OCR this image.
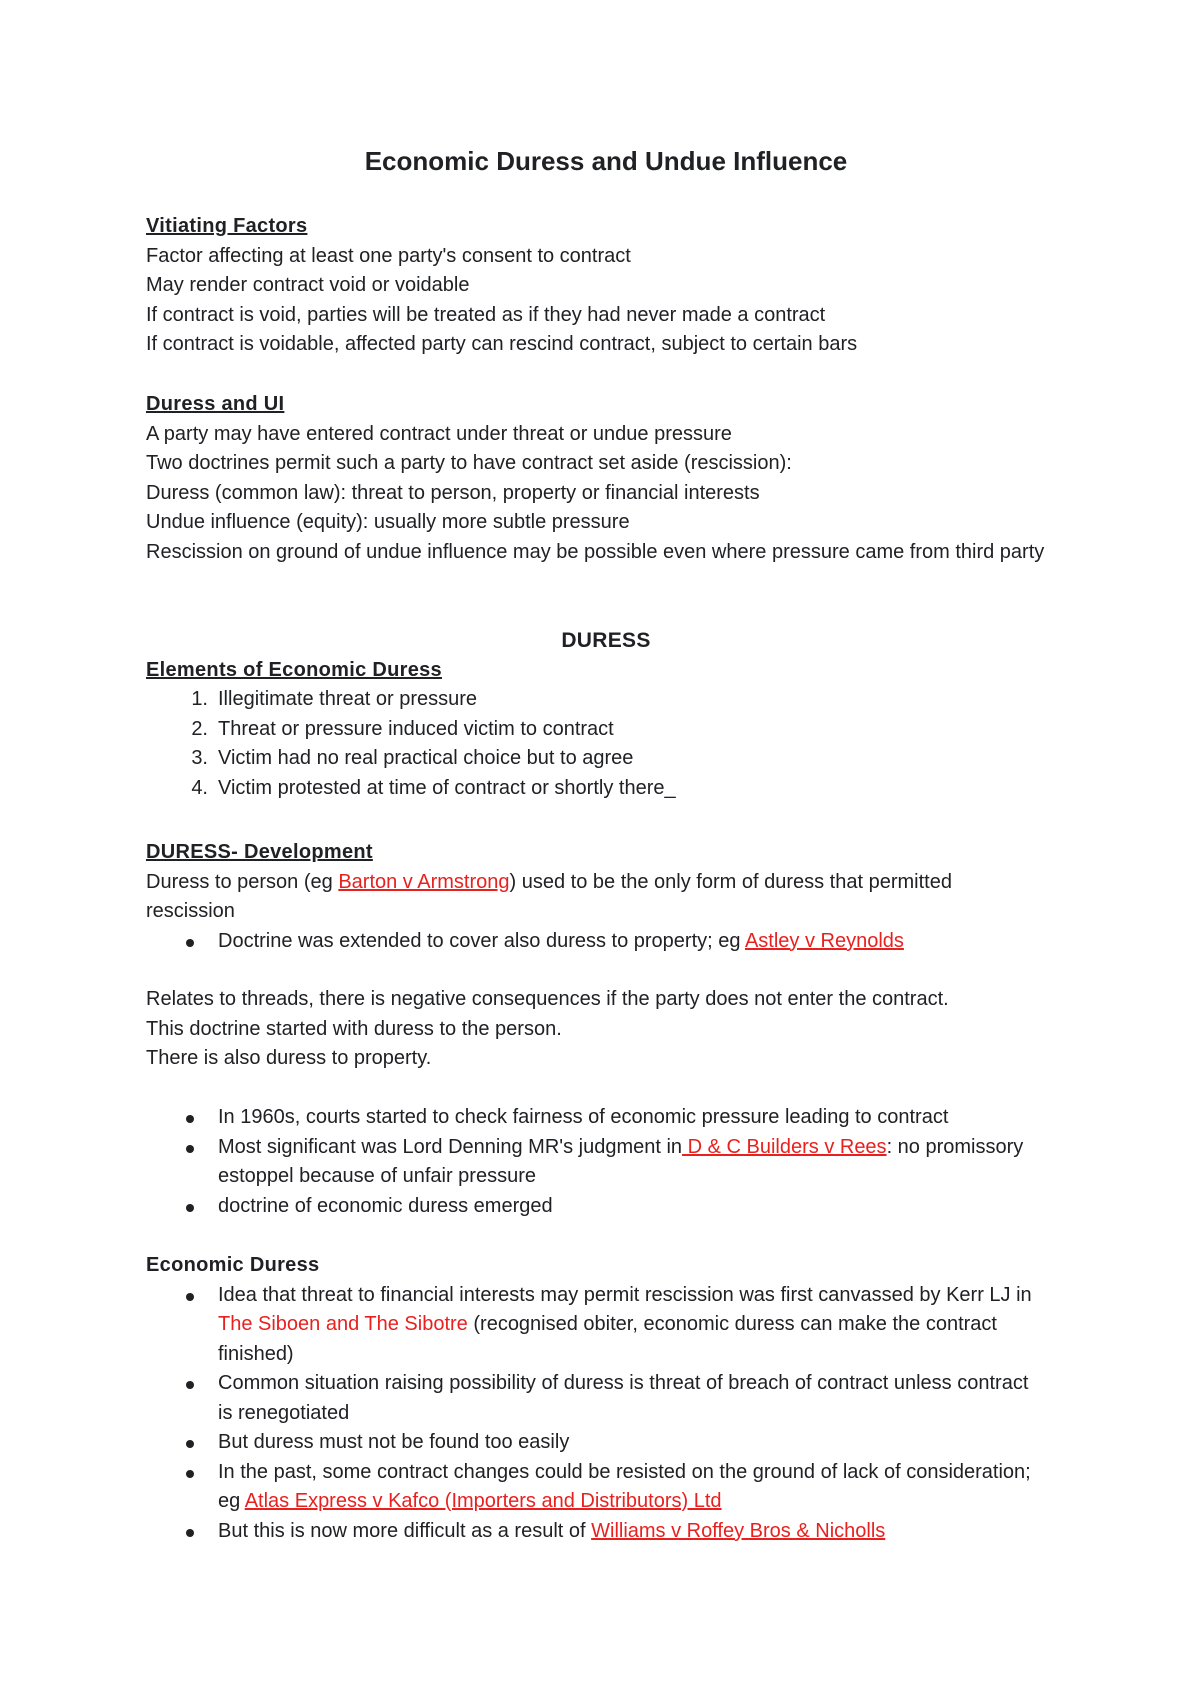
Economic Duress and Undue Influence
Vitiating Factors
Factor affecting at least one party's consent to contract
May render contract void or voidable
If contract is void, parties will be treated as if they had never made a contract
If contract is voidable, affected party can rescind contract, subject to certain bars
Duress and UI
A party may have entered contract under threat or undue pressure
Two doctrines permit such a party to have contract set aside (rescission):
Duress (common law): threat to person, property or financial interests
Undue influence (equity): usually more subtle pressure
Rescission on ground of undue influence may be possible even where pressure came from third party
DURESS
Elements of Economic Duress
1. Illegitimate threat or pressure
2. Threat or pressure induced victim to contract
3. Victim had no real practical choice but to agree
4. Victim protested at time of contract or shortly there_
DURESS- Development
Duress to person (eg Barton v Armstrong) used to be the only form of duress that permitted rescission
Doctrine was extended to cover also duress to property; eg Astley v Reynolds
Relates to threads, there is negative consequences if the party does not enter the contract.
This doctrine started with duress to the person.
There is also duress to property.
In 1960s, courts started to check fairness of economic pressure leading to contract
Most significant was Lord Denning MR's judgment in D & C Builders v Rees: no promissory estoppel because of unfair pressure
doctrine of economic duress emerged
Economic Duress
Idea that threat to financial interests may permit rescission was first canvassed by Kerr LJ in The Siboen and The Sibotre (recognised obiter, economic duress can make the contract finished)
Common situation raising possibility of duress is threat of breach of contract unless contract is renegotiated
But duress must not be found too easily
In the past, some contract changes could be resisted on the ground of lack of consideration; eg Atlas Express v Kafco (Importers and Distributors) Ltd
But this is now more difficult as a result of Williams v Roffey Bros & Nicholls
